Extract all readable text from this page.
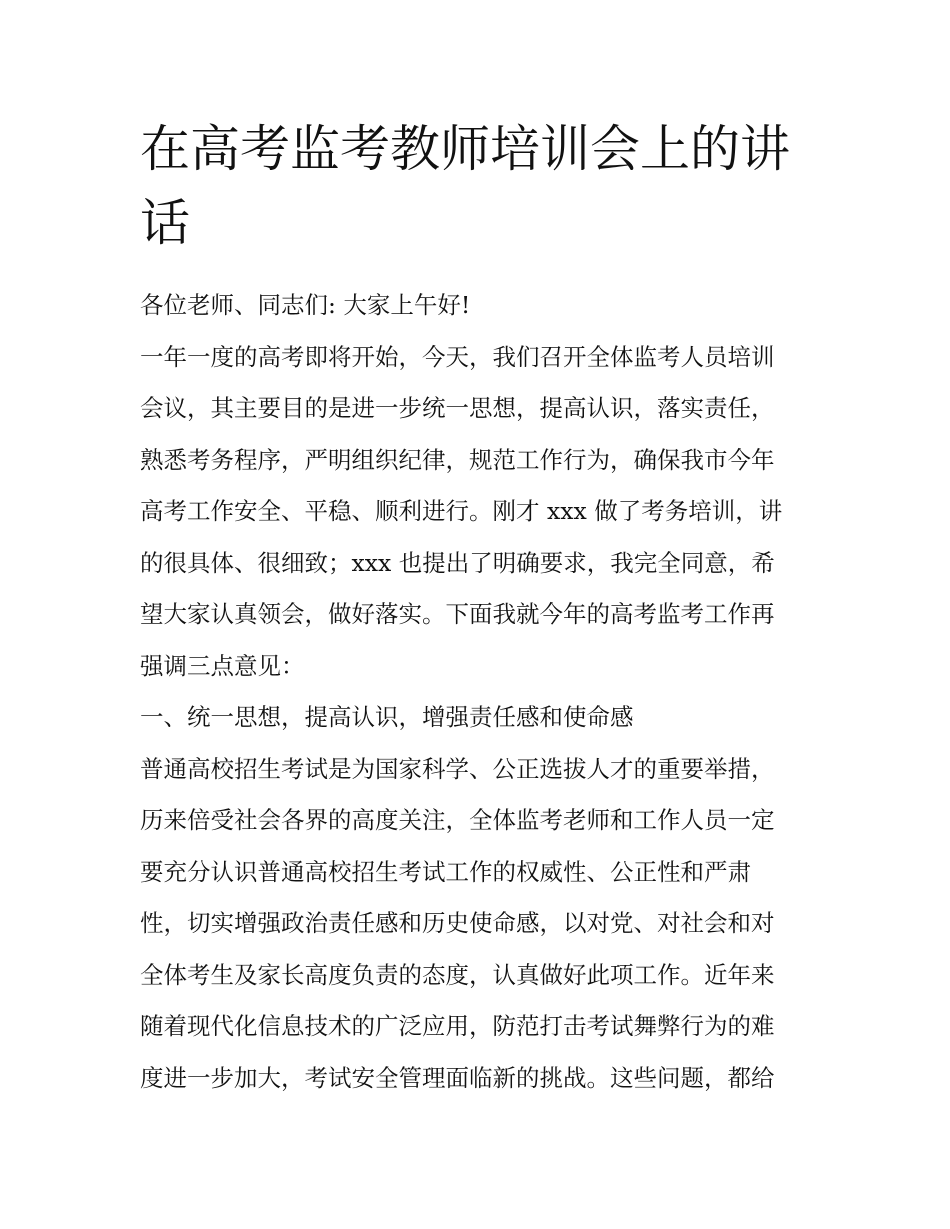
在高考监考教师培训会上的讲
话
各位老师、同志们: 大家上午好!
一年一度的高考即将开始，今天，我们召开全体监考人员培训
会议，其主要目的是进一步统一思想，提高认识，落实责任，
熟悉考务程序，严明组织纪律，规范工作行为，确保我市今年
高考工作安全、平稳、顺利进行。刚才 xxx 做了考务培训，讲
的很具体、很细致；xxx 也提出了明确要求，我完全同意，希
望大家认真领会，做好落实。下面我就今年的高考监考工作再
强调三点意见：
一、统一思想，提高认识，增强责任感和使命感
普通高校招生考试是为国家科学、公正选拔人才的重要举措，
历来倍受社会各界的高度关注，全体监考老师和工作人员一定
要充分认识普通高校招生考试工作的权威性、公正性和严肃
性，切实增强政治责任感和历史使命感，以对党、对社会和对
全体考生及家长高度负责的态度，认真做好此项工作。近年来
随着现代化信息技术的广泛应用，防范打击考试舞弊行为的难
度进一步加大，考试安全管理面临新的挑战。这些问题，都给
